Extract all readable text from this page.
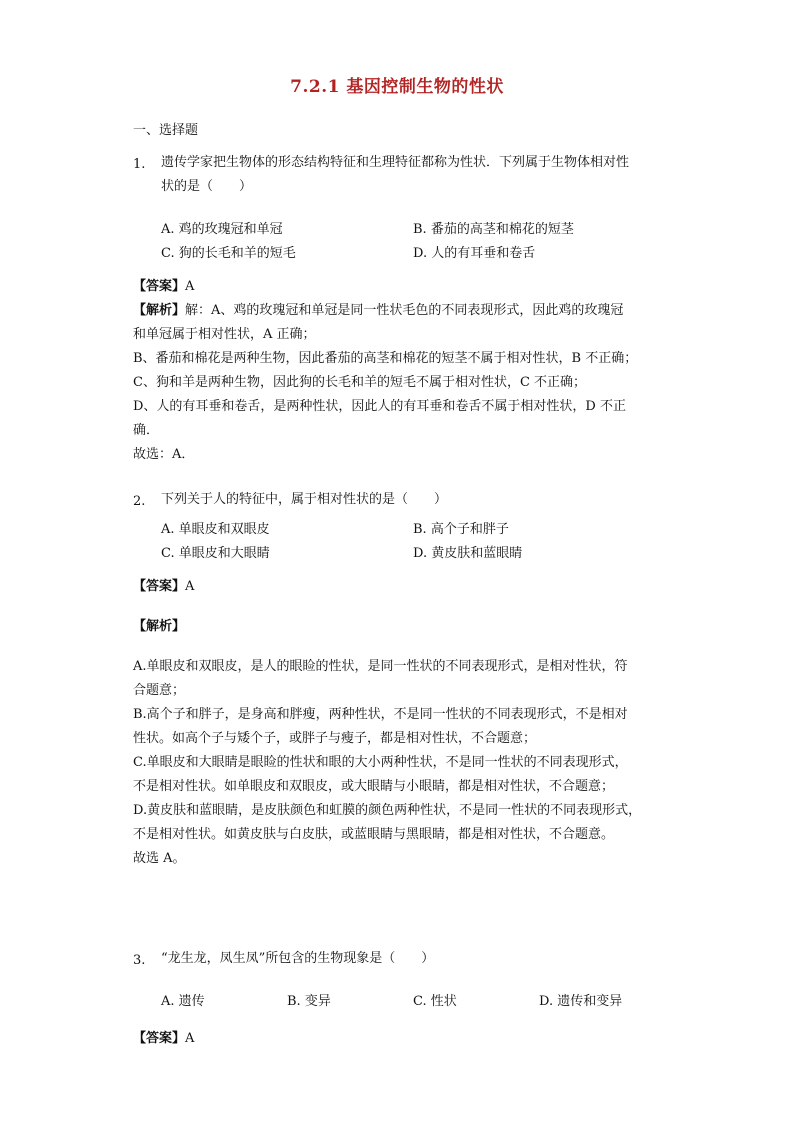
7.2.1 基因控制生物的性状
一、选择题
1. 遗传学家把生物体的形态结构特征和生理特征都称为性状．下列属于生物体相对性
状的是（　　）
A. 鸡的玫瑰冠和单冠	B. 番茄的高茎和棉花的短茎
C. 狗的长毛和羊的短毛	D. 人的有耳垂和卷舌
【答案】A
【解析】解：A、鸡的玫瑰冠和单冠是同一性状毛色的不同表现形式，因此鸡的玫瑰冠
和单冠属于相对性状，A 正确；
B、番茄和棉花是两种生物，因此番茄的高茎和棉花的短茎不属于相对性状，B 不正确；
C、狗和羊是两种生物，因此狗的长毛和羊的短毛不属于相对性状，C 不正确；
D、人的有耳垂和卷舌，是两种性状，因此人的有耳垂和卷舌不属于相对性状，D 不正
确．
故选：A．
2. 下列关于人的特征中，属于相对性状的是（　　）
A. 单眼皮和双眼皮	B. 高个子和胖子
C. 单眼皮和大眼睛	D. 黄皮肤和蓝眼睛
【答案】A
【解析】
A.单眼皮和双眼皮，是人的眼睑的性状，是同一性状的不同表现形式，是相对性状，符
合题意；
B.高个子和胖子，是身高和胖瘦，两种性状，不是同一性状的不同表现形式，不是相对
性状。如高个子与矮个子，或胖子与瘦子，都是相对性状，不合题意；
C.单眼皮和大眼睛是眼睑的性状和眼的大小两种性状，不是同一性状的不同表现形式，
不是相对性状。如单眼皮和双眼皮，或大眼睛与小眼睛，都是相对性状，不合题意；
D.黄皮肤和蓝眼睛，是皮肤颜色和虹膜的颜色两种性状，不是同一性状的不同表现形式，
不是相对性状。如黄皮肤与白皮肤，或蓝眼睛与黑眼睛，都是相对性状，不合题意。
故选 A。
3. “龙生龙，凤生凤”所包含的生物现象是（　　）
A. 遗传	B. 变异	C. 性状	D. 遗传和变异
【答案】A
